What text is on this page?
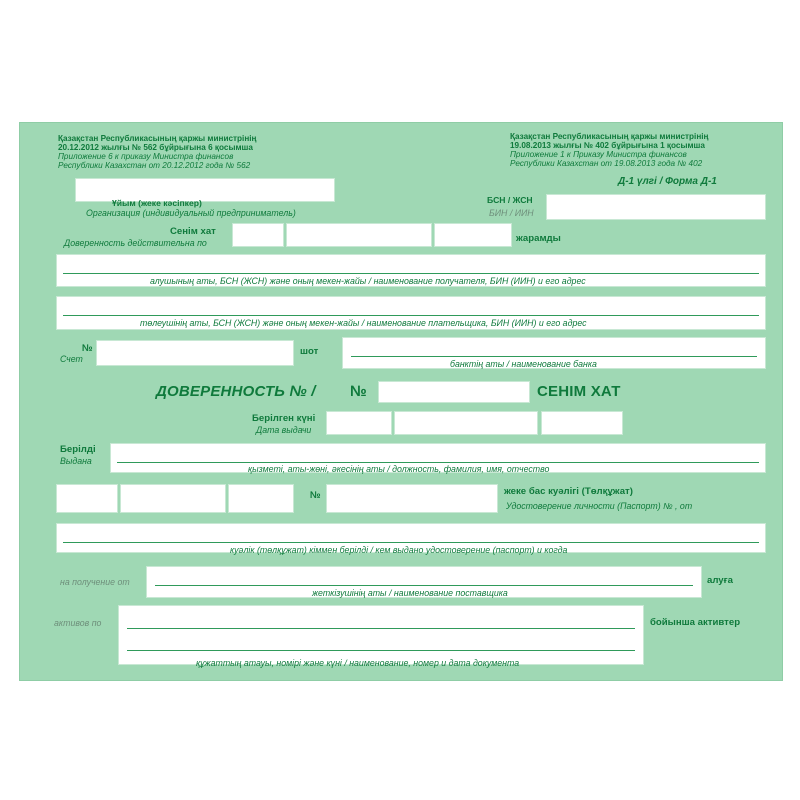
Қазақстан Республикасының қаржы министрінің
20.12.2012 жылғы № 562 бұйрығына 6 қосымша
Приложение 6 к приказу Министра финансов
Республики Казахстан от 20.12.2012 года № 562
Қазақстан Республикасының қаржы министрінің
19.08.2013 жылғы № 402 бұйрығына 1 қосымша
Приложение 1 к Приказу Министра финансов
Республики Казахстан от 19.08.2013 года № 402
Д-1 үлгі / Форма Д-1
Ұйым (жеке кәсіпкер)
Организация (индивидуальный предприниматель)
БСН / ЖСН
БИН / ИИН
Сенім хат
Доверенность действительна по	жарамды
алушының аты, БСН (ЖСН) және оның мекен-жайы / наименование получателя, БИН (ИИН) и его адрес
төлеушінің аты, БСН (ЖСН) және оның мекен-жайы / наименование плательщика, БИН (ИИН) и его адрес
№
Счет
шот
банктің аты / наименование банка
ДОВЕРЕННОСТЬ № / №	СЕНІМ ХАТ
Берілген күні
Дата выдачи
Берілді
Выдана
қызметі, аты-жөні, әкесінің аты / должность, фамилия, имя, отчество
№	жеке бас куәлігі (Төлқұжат)
Удостоверение личности (Паспорт) № , от
куәлік (төлқұжат) кіммен берілді / кем выдано удостоверение (паспорт) и когда
на получение от	алуға
жеткізушінің аты / наименование поставщика
активов по	бойынша активтер
құжаттың атауы, номірі және күні / наименование, номер и дата документа
